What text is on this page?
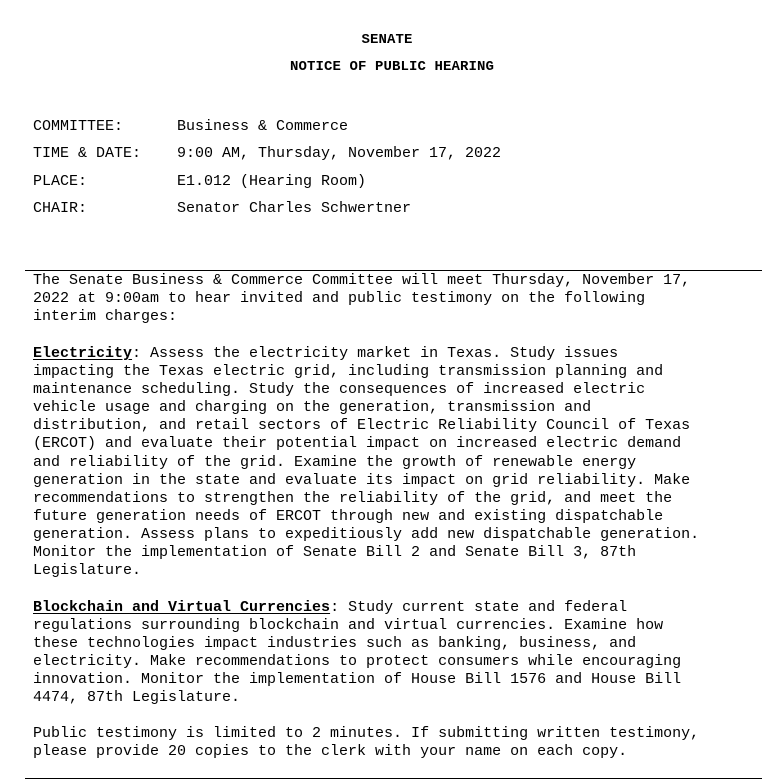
SENATE
NOTICE OF PUBLIC HEARING
COMMITTEE:	Business & Commerce
TIME & DATE: 9:00 AM, Thursday, November 17, 2022
PLACE:	E1.012 (Hearing Room)
CHAIR:	Senator Charles Schwertner
The Senate Business & Commerce Committee will meet Thursday, November 17,
2022 at 9:00am to hear invited and public testimony on the following
interim charges:
Electricity: Assess the electricity market in Texas. Study issues
impacting the Texas electric grid, including transmission planning and
maintenance scheduling. Study the consequences of increased electric
vehicle usage and charging on the generation, transmission and
distribution, and retail sectors of Electric Reliability Council of Texas
(ERCOT) and evaluate their potential impact on increased electric demand
and reliability of the grid. Examine the growth of renewable energy
generation in the state and evaluate its impact on grid reliability. Make
recommendations to strengthen the reliability of the grid, and meet the
future generation needs of ERCOT through new and existing dispatchable
generation. Assess plans to expeditiously add new dispatchable generation.
Monitor the implementation of Senate Bill 2 and Senate Bill 3, 87th
Legislature.
Blockchain and Virtual Currencies: Study current state and federal
regulations surrounding blockchain and virtual currencies. Examine how
these technologies impact industries such as banking, business, and
electricity. Make recommendations to protect consumers while encouraging
innovation. Monitor the implementation of House Bill 1576 and House Bill
4474, 87th Legislature.
Public testimony is limited to 2 minutes. If submitting written testimony,
please provide 20 copies to the clerk with your name on each copy.
